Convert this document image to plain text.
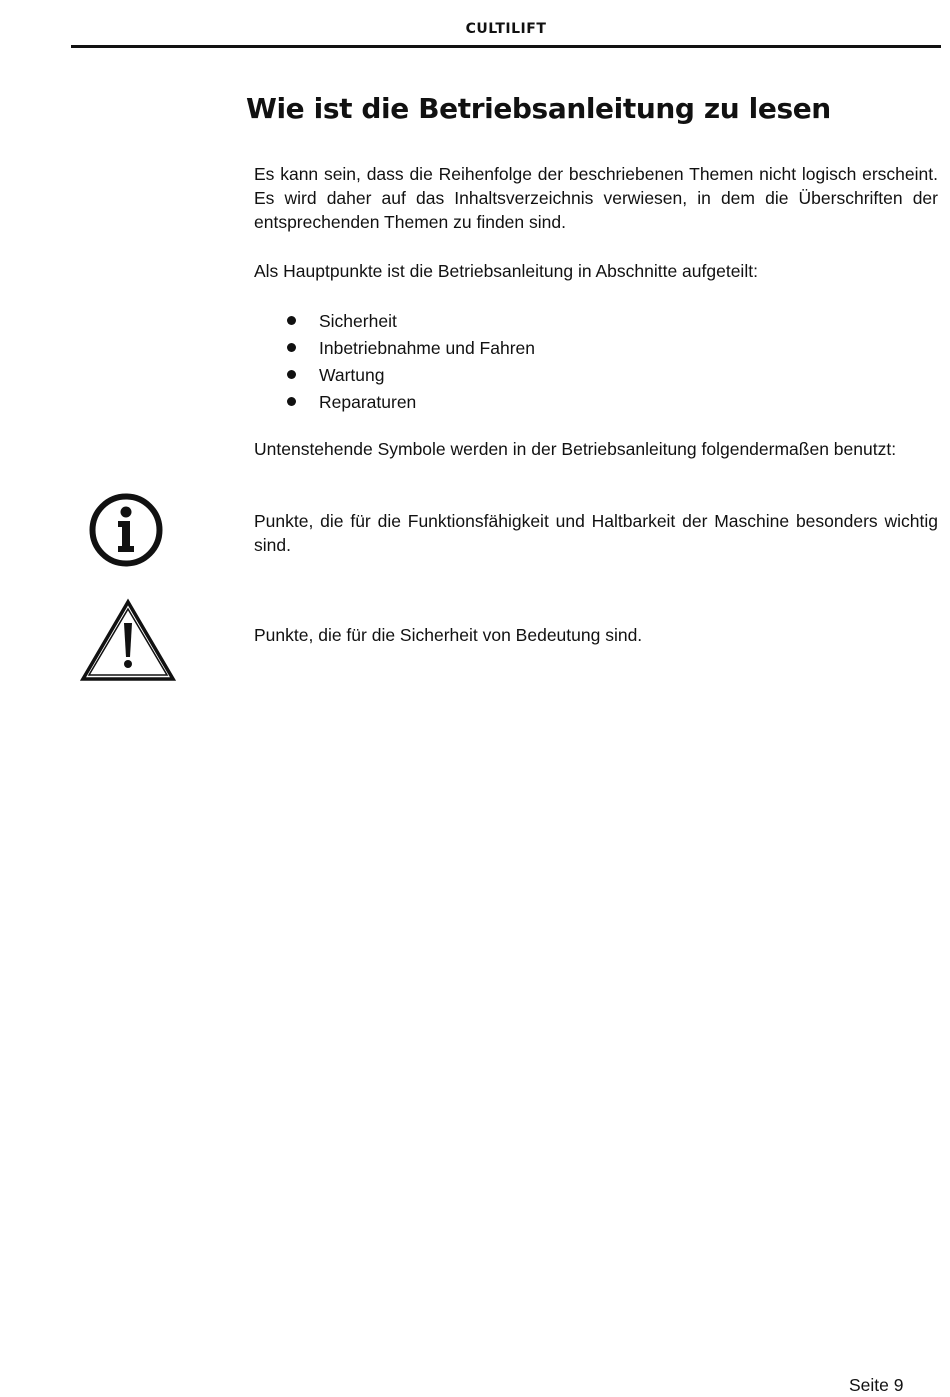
CULTILIFT
Wie ist die Betriebsanleitung zu lesen

Es kann sein, dass die Reihenfolge der beschriebenen Themen nicht logisch erscheint. Es wird daher auf das Inhaltsverzeichnis verwiesen, in dem die Überschriften der entsprechenden Themen zu finden sind.

Als Hauptpunkte ist die Betriebsanleitung in Abschnitte aufgeteilt:

Sicherheit
Inbetriebnahme und Fahren
Wartung
Reparaturen

Untenstehende Symbole werden in der Betriebsanleitung folgendermaßen benutzt:

Punkte, die für die Funktionsfähigkeit und Haltbarkeit der Maschine besonders wichtig sind.

Punkte, die für die Sicherheit von Bedeutung sind.

Seite 9
